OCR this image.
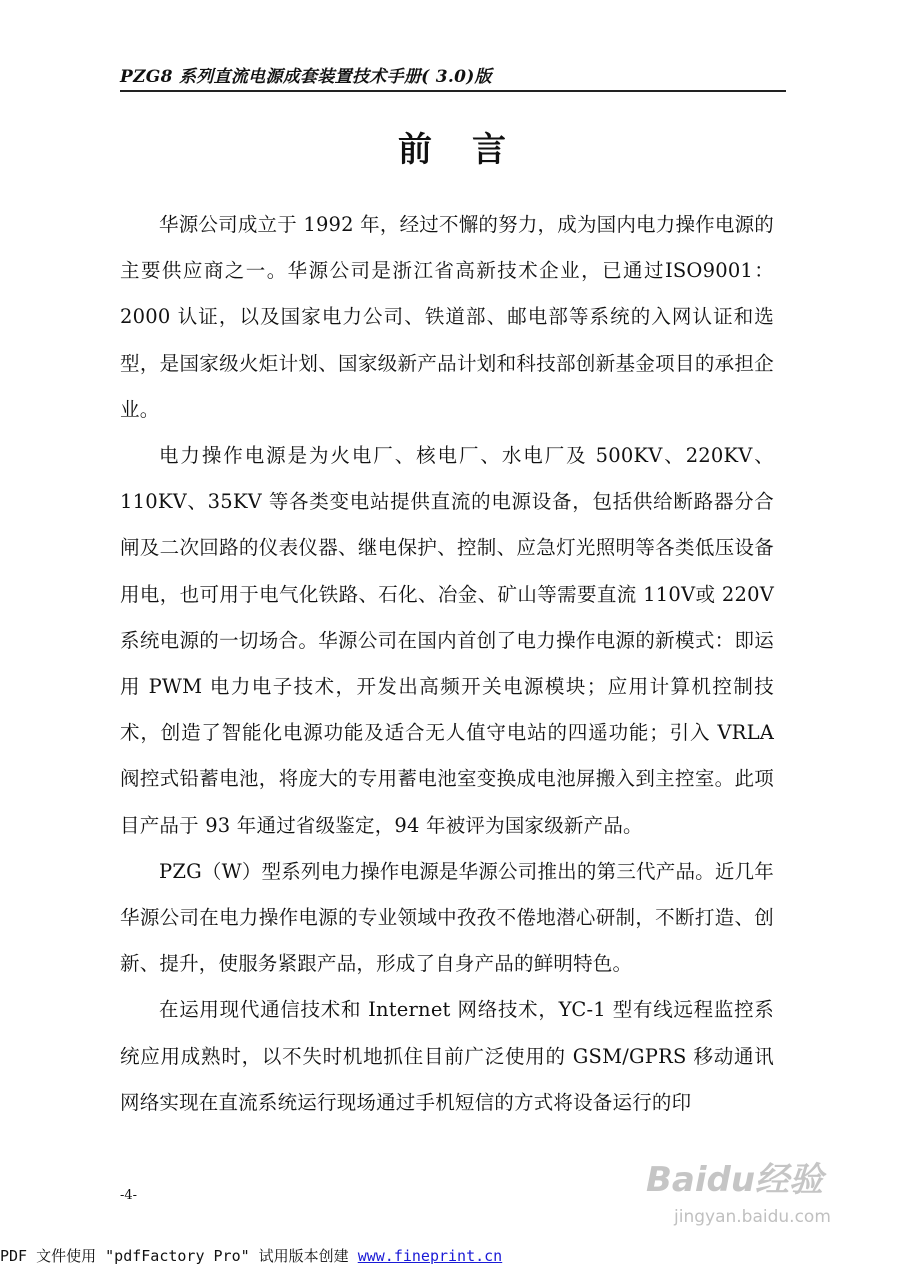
PZG8 系列直流电源成套装置技术手册( 3.0)版
前言

华源公司成立于 1992 年，经过不懈的努力，成为国内电力操作电源的主要供应商之一。华源公司是浙江省高新技术企业，已通过ISO9001：2000 认证，以及国家电力公司、铁道部、邮电部等系统的入网认证和选型，是国家级火炬计划、国家级新产品计划和科技部创新基金项目的承担企业。

电力操作电源是为火电厂、核电厂、水电厂及 500KV、220KV、110KV、35KV 等各类变电站提供直流的电源设备，包括供给断路器分合闸及二次回路的仪表仪器、继电保护、控制、应急灯光照明等各类低压设备用电，也可用于电气化铁路、石化、冶金、矿山等需要直流 110V或 220V 系统电源的一切场合。华源公司在国内首创了电力操作电源的新模式：即运用 PWM 电力电子技术，开发出高频开关电源模块；应用计算机控制技术，创造了智能化电源功能及适合无人值守电站的四遥功能；引入 VRLA 阀控式铅蓄电池，将庞大的专用蓄电池室变换成电池屏搬入到主控室。此项目产品于 93 年通过省级鉴定，94 年被评为国家级新产品。

PZG（W）型系列电力操作电源是华源公司推出的第三代产品。近几年华源公司在电力操作电源的专业领域中孜孜不倦地潜心研制，不断打造、创新、提升，使服务紧跟产品，形成了自身产品的鲜明特色。

在运用现代通信技术和 Internet 网络技术，YC-1 型有线远程监控系统应用成熟时，以不失时机地抓住目前广泛使用的 GSM/GPRS 移动通讯网络实现在直流系统运行现场通过手机短信的方式将设备运行的印

-4-	Baidu经验
jingyan.baidu.com
PDF 文件使用 "pdfFactory Pro" 试用版本创建 www.fineprint.cn
